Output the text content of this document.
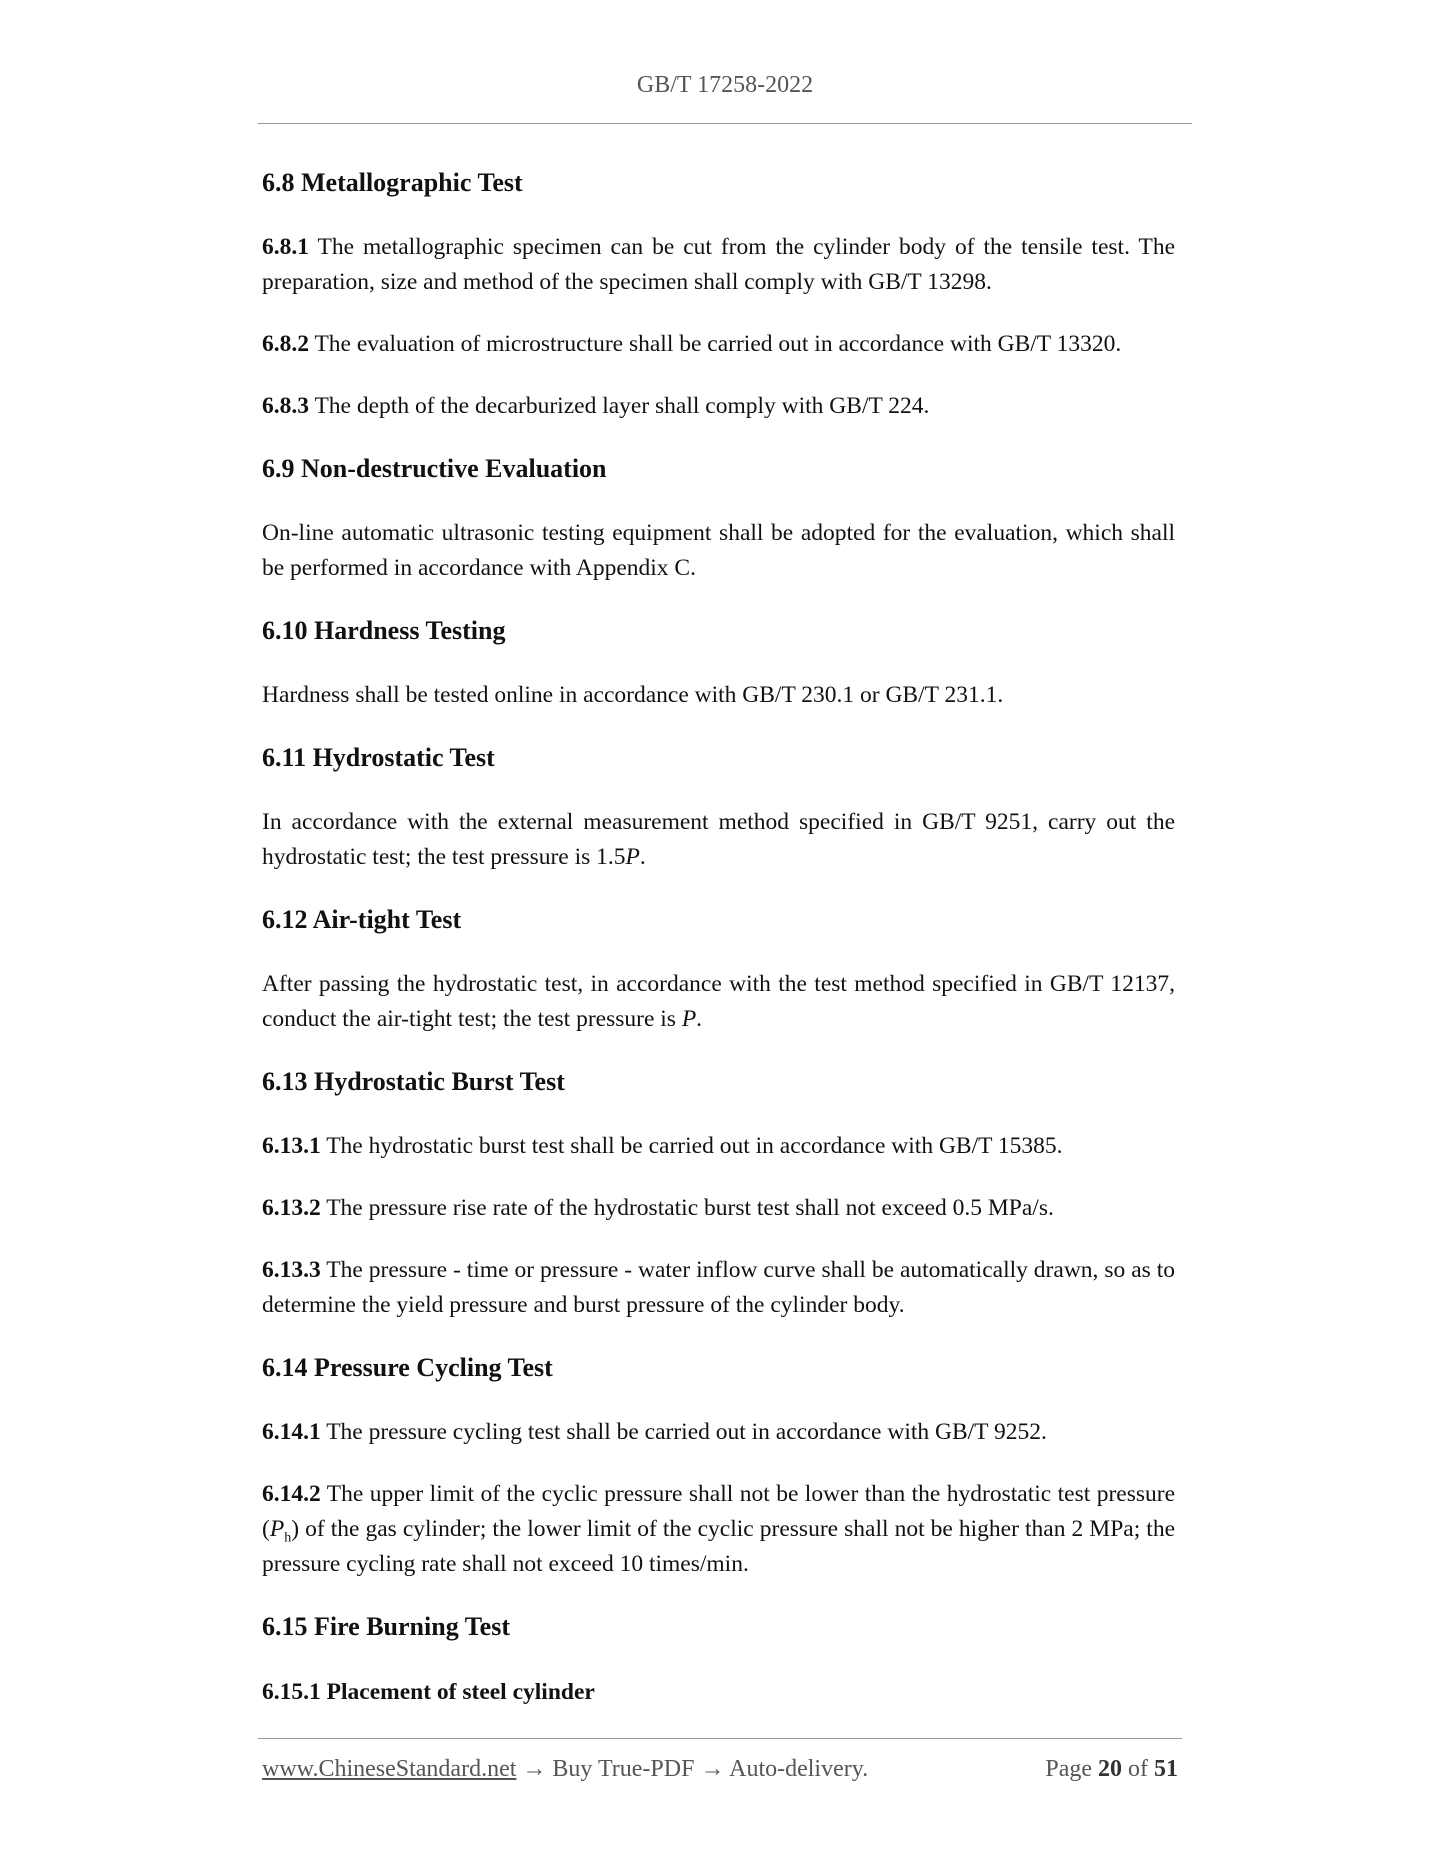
GB/T 17258-2022
6.8 Metallographic Test

6.8.1 The metallographic specimen can be cut from the cylinder body of the tensile test. The preparation, size and method of the specimen shall comply with GB/T 13298.

6.8.2 The evaluation of microstructure shall be carried out in accordance with GB/T 13320.

6.8.3 The depth of the decarburized layer shall comply with GB/T 224.

6.9 Non-destructive Evaluation

On-line automatic ultrasonic testing equipment shall be adopted for the evaluation, which shall be performed in accordance with Appendix C.

6.10 Hardness Testing

Hardness shall be tested online in accordance with GB/T 230.1 or GB/T 231.1.

6.11 Hydrostatic Test

In accordance with the external measurement method specified in GB/T 9251, carry out the hydrostatic test; the test pressure is 1.5P.

6.12 Air-tight Test

After passing the hydrostatic test, in accordance with the test method specified in GB/T 12137, conduct the air-tight test; the test pressure is P.

6.13 Hydrostatic Burst Test

6.13.1 The hydrostatic burst test shall be carried out in accordance with GB/T 15385.

6.13.2 The pressure rise rate of the hydrostatic burst test shall not exceed 0.5 MPa/s.

6.13.3 The pressure - time or pressure - water inflow curve shall be automatically drawn, so as to determine the yield pressure and burst pressure of the cylinder body.

6.14 Pressure Cycling Test

6.14.1 The pressure cycling test shall be carried out in accordance with GB/T 9252.

6.14.2 The upper limit of the cyclic pressure shall not be lower than the hydrostatic test pressure $(P_h)$ of the gas cylinder; the lower limit of the cyclic pressure shall not be higher than 2 MPa; the pressure cycling rate shall not exceed 10 times/min.

6.15 Fire Burning Test
6.15.1 Placement of steel cylinder
www.ChineseStandard.net → Buy True-PDF → Auto-delivery.	Page 20 of 51
